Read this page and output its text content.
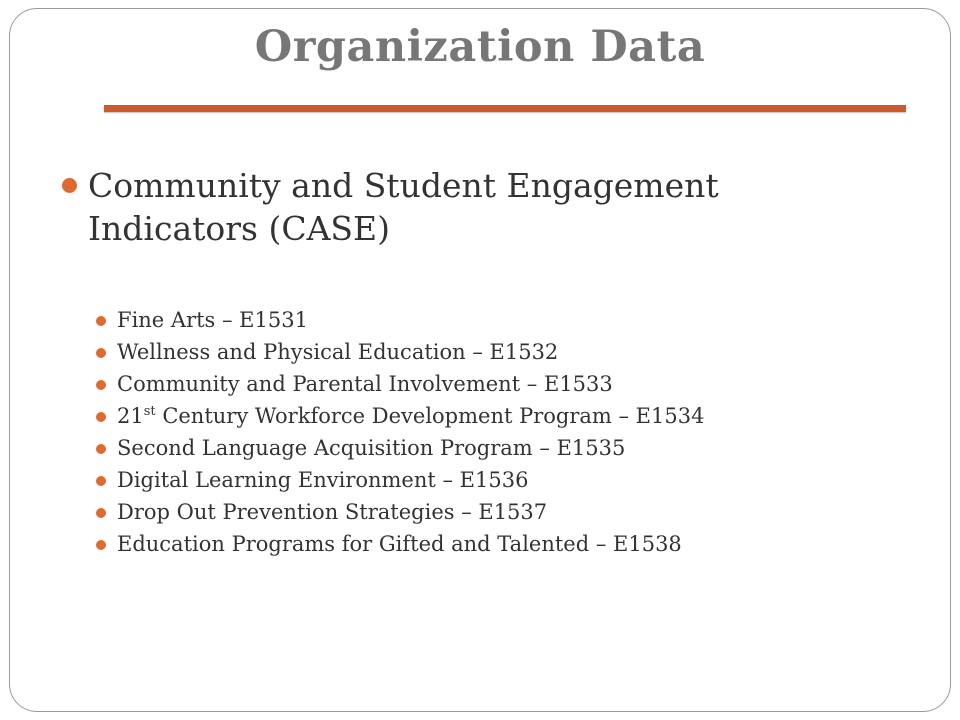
Organization Data

Community and Student Engagement Indicators (CASE)

Fine Arts – E1531
Wellness and Physical Education – E1532
Community and Parental Involvement – E1533
21st Century Workforce Development Program – E1534
Second Language Acquisition Program – E1535
Digital Learning Environment – E1536
Drop Out Prevention Strategies – E1537
Education Programs for Gifted and Talented – E1538
